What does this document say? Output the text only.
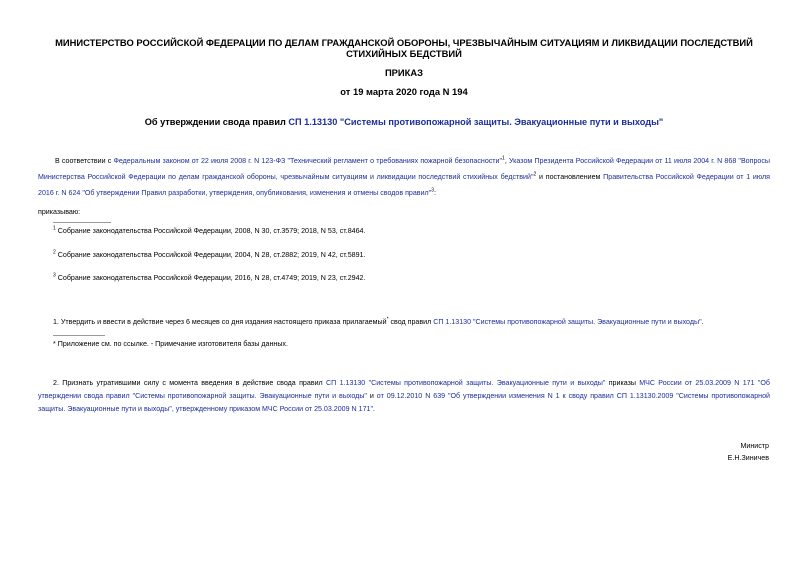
МИНИСТЕРСТВО РОССИЙСКОЙ ФЕДЕРАЦИИ ПО ДЕЛАМ ГРАЖДАНСКОЙ ОБОРОНЫ, ЧРЕЗВЫЧАЙНЫМ СИТУАЦИЯМ И ЛИКВИДАЦИИ ПОСЛЕДСТВИЙ СТИХИЙНЫХ БЕДСТВИЙ
ПРИКАЗ
от 19 марта 2020 года N 194
Об утверждении свода правил СП 1.13130 "Системы противопожарной защиты. Эвакуационные пути и выходы"
В соответствии с Федеральным законом от 22 июля 2008 г. N 123-ФЗ "Технический регламент о требованиях пожарной безопасности"$^1$, Указом Президента Российской Федерации от 11 июля 2004 г. N 868 "Вопросы Министерства Российской Федерации по делам гражданской обороны, чрезвычайным ситуациям и ликвидации последствий стихийных бедствий"$^2$ и постановлением Правительства Российской Федерации от 1 июля 2016 г. N 624 "Об утверждении Правил разработки, утверждения, опубликования, изменения и отмены сводов правил"$^3$:
приказываю:
$^1$ Собрание законодательства Российской Федерации, 2008, N 30, ст.3579; 2018, N 53, ст.8464.
$^2$ Собрание законодательства Российской Федерации, 2004, N 28, ст.2882; 2019, N 42, ст.5891.
$^3$ Собрание законодательства Российской Федерации, 2016, N 28, ст.4749; 2019, N 23, ст.2942.
1. Утвердить и ввести в действие через 6 месяцев со дня издания настоящего приказа прилагаемый* свод правил СП 1.13130 "Системы противопожарной защиты. Эвакуационные пути и выходы".
* Приложение см. по ссылке. - Примечание изготовителя базы данных.
2. Признать утратившими силу с момента введения в действие свода правил СП 1.13130 "Системы противопожарной защиты. Эвакуационные пути и выходы" приказы МЧС России от 25.03.2009 N 171 "Об утверждении свода правил "Системы противопожарной защиты. Эвакуационные пути и выходы" и от 09.12.2010 N 639 "Об утверждении изменения N 1 к своду правил СП 1.13130.2009 "Системы противопожарной защиты. Эвакуационные пути и выходы", утвержденному приказом МЧС России от 25.03.2009 N 171".
Министр
Е.Н.Зиничев
